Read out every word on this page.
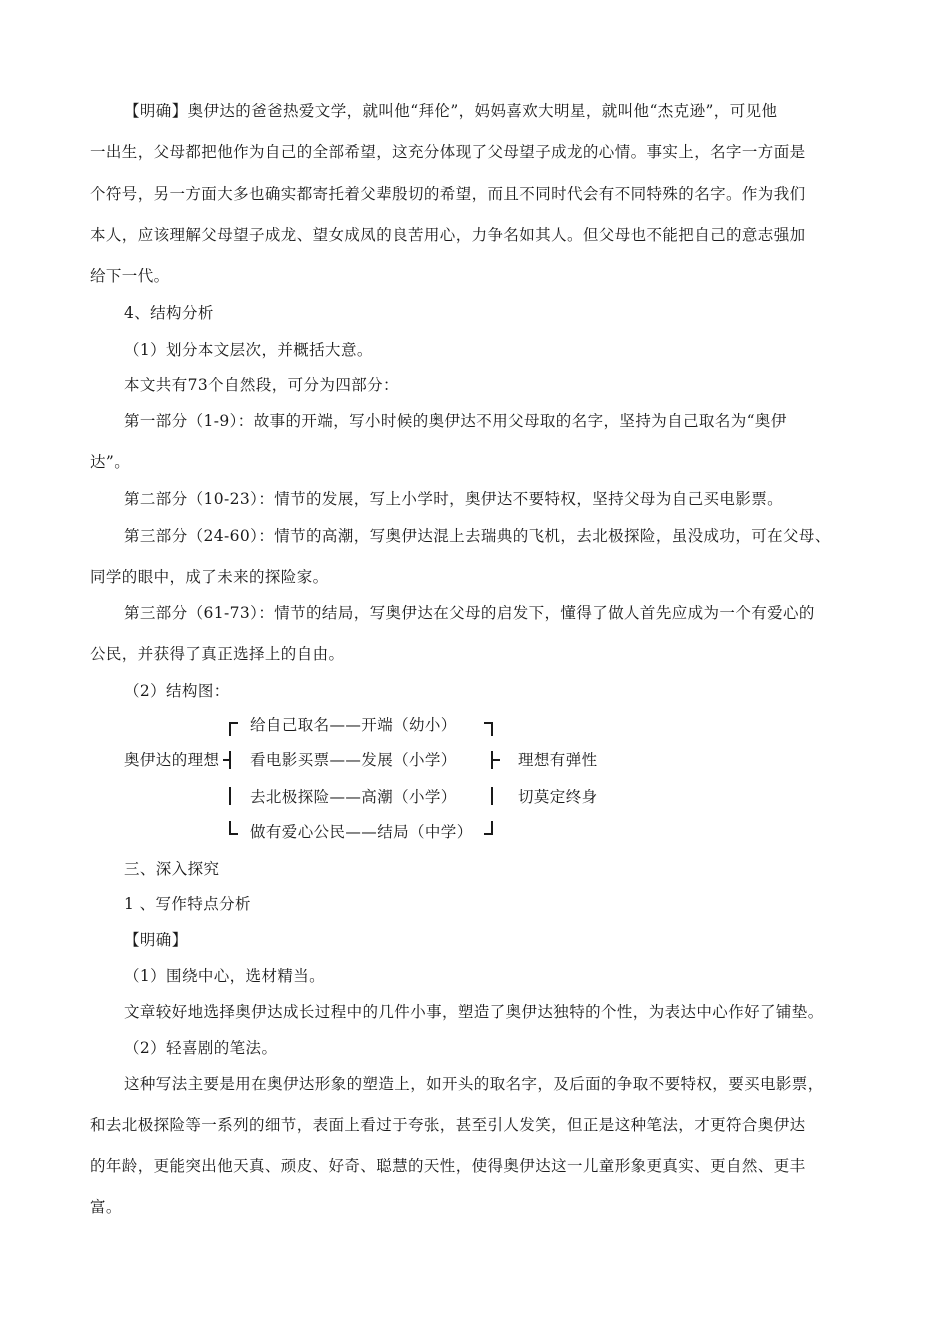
【明确】奥伊达的爸爸热爱文学，就叫他“拜伦”，妈妈喜欢大明星，就叫他“杰克逊”，可见他
一出生，父母都把他作为自己的全部希望，这充分体现了父母望子成龙的心情。事实上，名字一方面是
个符号，另一方面大多也确实都寄托着父辈殷切的希望，而且不同时代会有不同特殊的名字。作为我们
本人，应该理解父母望子成龙、望女成凤的良苦用心，力争名如其人。但父母也不能把自己的意志强加
给下一代。
4、结构分析
（1）划分本文层次，并概括大意。
本文共有73个自然段，可分为四部分：
第一部分（1-9）：故事的开端，写小时候的奥伊达不用父母取的名字，坚持为自己取名为“奥伊
达”。
第二部分（10-23）：情节的发展，写上小学时，奥伊达不要特权，坚持父母为自己买电影票。
第三部分（24-60）：情节的高潮，写奥伊达混上去瑞典的飞机，去北极探险，虽没成功，可在父母、
同学的眼中，成了未来的探险家。
第三部分（61-73）：情节的结局，写奥伊达在父母的启发下，懂得了做人首先应成为一个有爱心的
公民，并获得了真正选择上的自由。
（2）结构图：
奥伊达的理想
给自己取名——开端（幼小）
看电影买票——发展（小学）
去北极探险——高潮（小学）
做有爱心公民——结局（中学）
理想有弹性
切莫定终身
三、深入探究
1 、写作特点分析
【明确】
（1）围绕中心，选材精当。
文章较好地选择奥伊达成长过程中的几件小事，塑造了奥伊达独特的个性，为表达中心作好了铺垫。
（2）轻喜剧的笔法。
这种写法主要是用在奥伊达形象的塑造上，如开头的取名字，及后面的争取不要特权，要买电影票，
和去北极探险等一系列的细节，表面上看过于夸张，甚至引人发笑，但正是这种笔法，才更符合奥伊达
的年龄，更能突出他天真、顽皮、好奇、聪慧的天性，使得奥伊达这一儿童形象更真实、更自然、更丰
富。
